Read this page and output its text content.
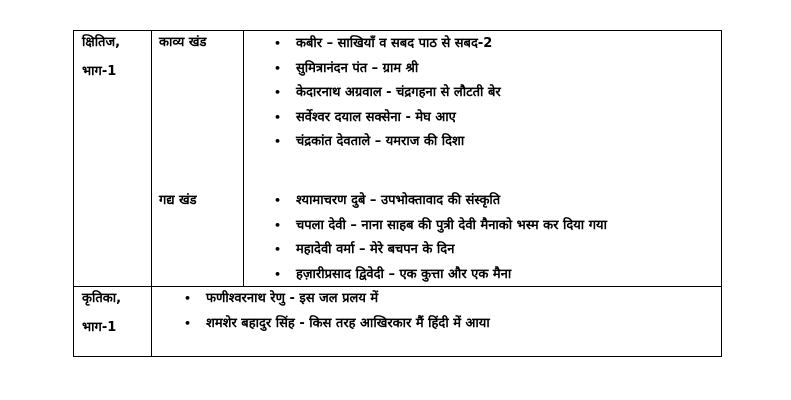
क्षितिज,
भाग-1
काव्य खंड	• कबीर – साखियाँ व सबद पाठ से सबद-2
• सुमित्रानंदन पंत – ग्राम श्री
• केदारनाथ अग्रवाल - चंद्रगहना से लौटती बेर
• सर्वेश्वर दयाल सक्सेना - मेघ आए
• चंद्रकांत देवताले – यमराज की दिशा
गद्य खंड	• श्यामाचरण दुबे – उपभोक्तावाद की संस्कृति
• चपला देवी – नाना साहब की पुत्री देवी मैनाको भस्म कर दिया गया
• महादेवी वर्मा – मेरे बचपन के दिन
• हज़ारीप्रसाद द्विवेदी – एक कुत्ता और एक मैना
कृतिका,
भाग-1
• फणीश्वरनाथ रेणु - इस जल प्रलय में
• शमशेर बहादुर सिंह - किस तरह आखिरकार मैं हिंदी में आया
